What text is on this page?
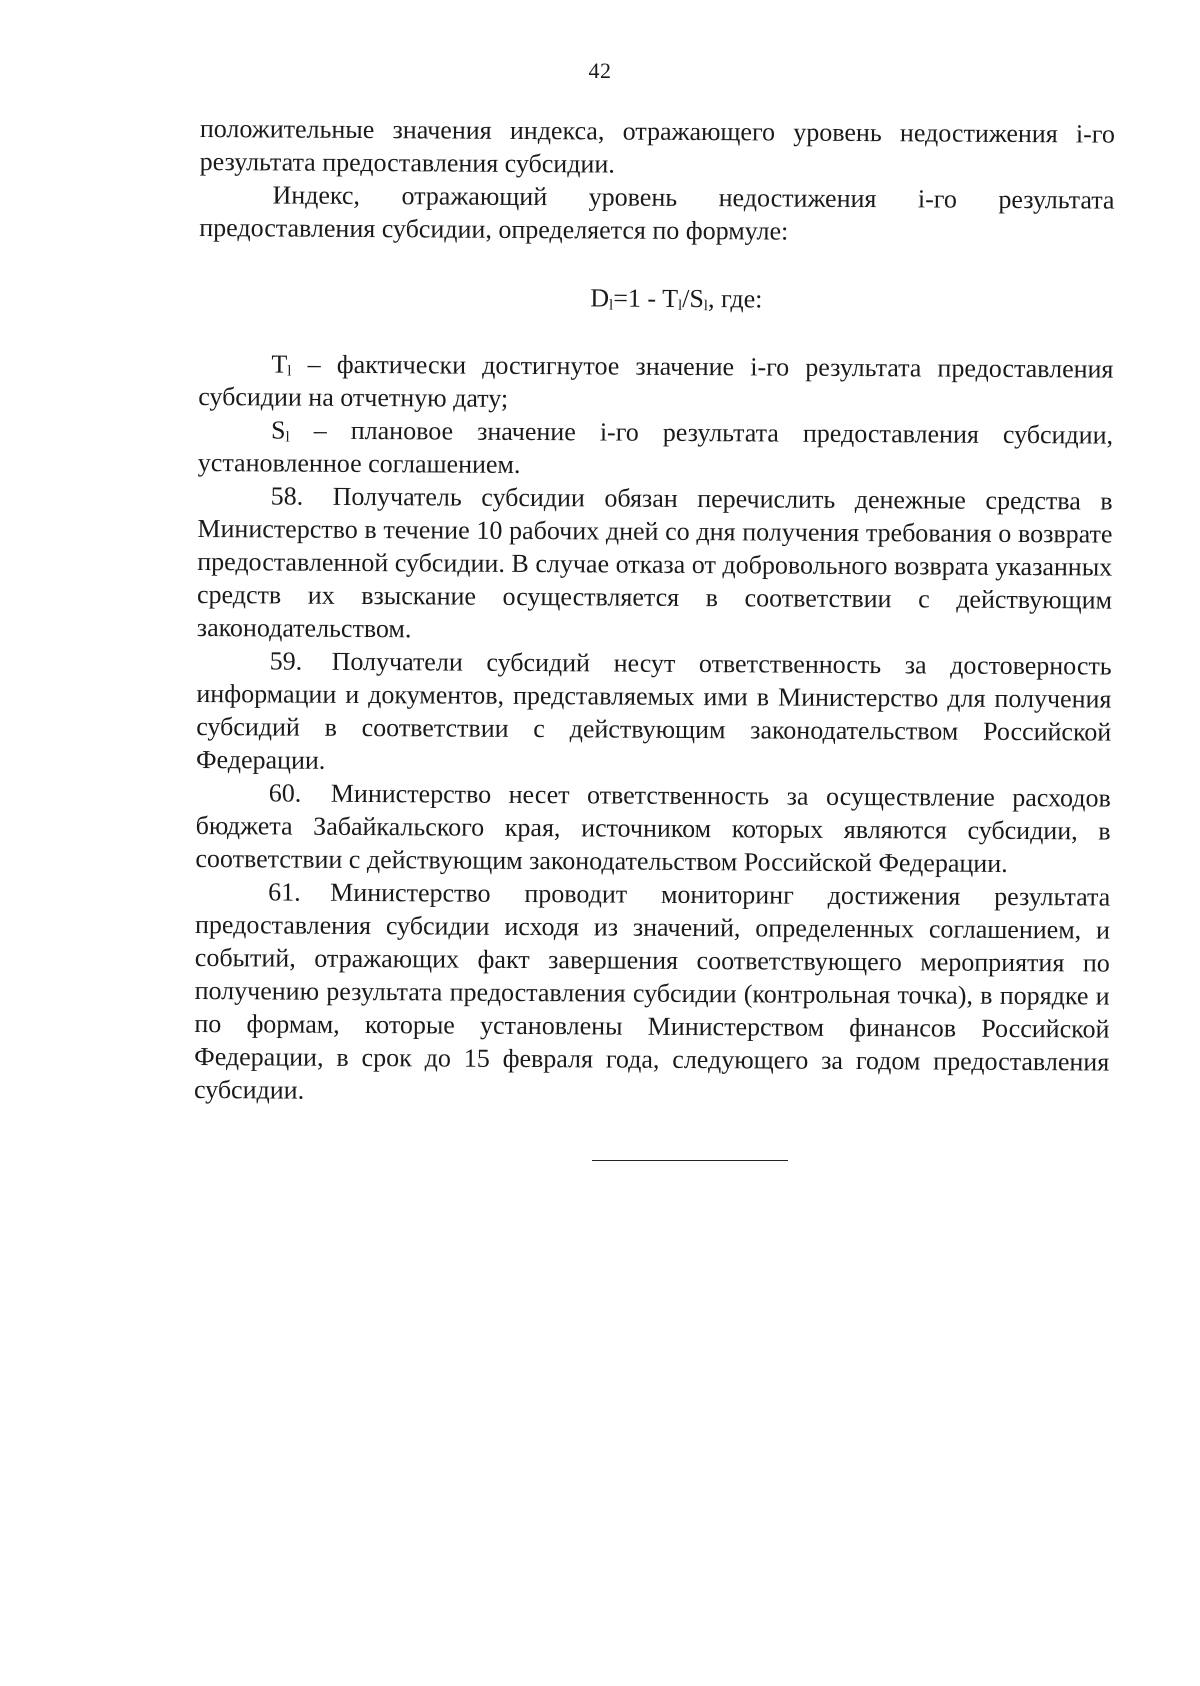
42

положительные значения индекса, отражающего уровень недостижения i-го результата предоставления субсидии.

Индекс, отражающий уровень недостижения i-го результата предоставления субсидии, определяется по формуле:

$D_l=1 - T_l/S_l$, где:

$T_l$ – фактически достигнутое значение i-го результата предоставления субсидии на отчетную дату;

$S_l$ – плановое значение i-го результата предоставления субсидии, установленное соглашением.

58. Получатель субсидии обязан перечислить денежные средства в Министерство в течение 10 рабочих дней со дня получения требования о возврате предоставленной субсидии. В случае отказа от добровольного возврата указанных средств их взыскание осуществляется в соответствии с действующим законодательством.

59. Получатели субсидий несут ответственность за достоверность информации и документов, представляемых ими в Министерство для получения субсидий в соответствии с действующим законодательством Российской Федерации.

60. Министерство несет ответственность за осуществление расходов бюджета Забайкальского края, источником которых являются субсидии, в соответствии с действующим законодательством Российской Федерации.

61. Министерство проводит мониторинг достижения результата предоставления субсидии исходя из значений, определенных соглашением, и событий, отражающих факт завершения соответствующего мероприятия по получению результата предоставления субсидии (контрольная точка), в порядке и по формам, которые установлены Министерством финансов Российской Федерации, в срок до 15 февраля года, следующего за годом предоставления субсидии.
